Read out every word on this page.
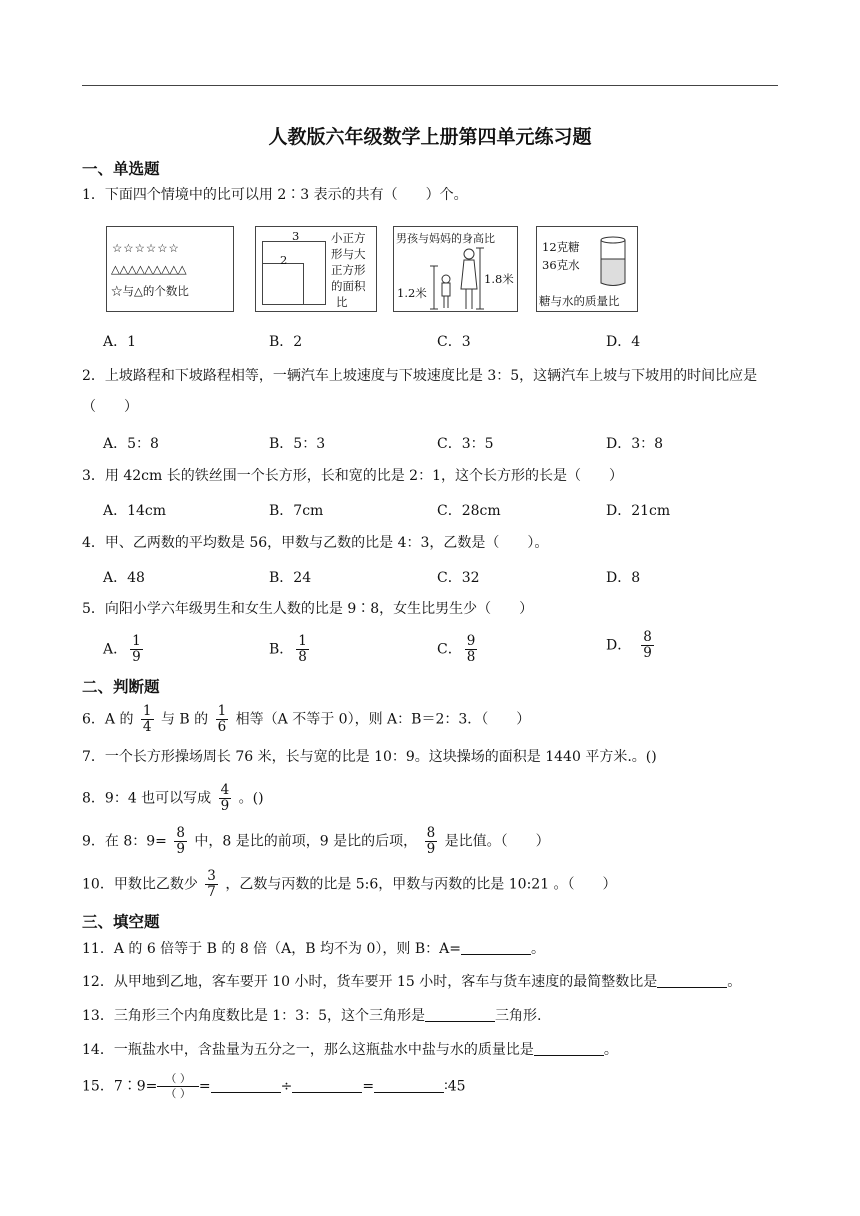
人教版六年级数学上册第四单元练习题
一、单选题
1．下面四个情境中的比可以用 2∶3 表示的共有（　　）个。
☆☆☆☆☆☆
△△△△△△△△△
☆与△的个数比
3
2
小正方
形与大
正方形
的面积
比
男孩与妈妈的身高比
1.2米
1.8米
12克糖
36克水
糖与水的质量比
A．1	B．2	C．3	D．4
2．上坡路程和下坡路程相等，一辆汽车上坡速度与下坡速度比是 3：5，这辆汽车上坡与下坡用的时间比应是（　　）
A．5：8	B．5：3	C．3：5	D．3：8
3．用 42cm 长的铁丝围一个长方形，长和宽的比是 2：1，这个长方形的长是（　　）
A．14cm	B．7cm	C．28cm	D．21cm
4．甲、乙两数的平均数是 56，甲数与乙数的比是 4：3，乙数是（　　）。
A．48	B．24	C．32	D．8
5．向阳小学六年级男生和女生人数的比是 9∶8，女生比男生少（　　）
A． $\frac{1}{9}$	B． $\frac{1}{8}$	C． $\frac{9}{8}$	D． $\frac{8}{9}$
二、判断题
6．A 的 $\frac{1}{4}$ 与 B 的 $\frac{1}{6}$ 相等（A 不等于 0），则 A：B＝2：3．（　　）
7．一个长方形操场周长 76 米，长与宽的比是 10：9。这块操场的面积是 1440 平方米.。()
8．9：4 也可以写成 $\frac{4}{9}$ 。()
9．在 8：$9= \frac{8}{9}$ 中，8 是比的前项，9 是比的后项， $\frac{8}{9}$ 是比值。（　　）
10．甲数比乙数少 $\frac{3}{7}$ ，乙数与丙数的比是 5:6，甲数与丙数的比是 10:21 。（　　）
三、填空题
11．A 的 6 倍等于 B 的 8 倍（A，B 均不为 0），则 B：A=	。
12．从甲地到乙地，客车要开 10 小时，货车要开 15 小时，客车与货车速度的最简整数比是	。
13．三角形三个内角度数比是 1：3：5，这个三角形是	三角形.
14．一瓶盐水中，含盐量为五分之一，那么这瓶盐水中盐与水的质量比是	。
15．7∶9= $\frac{( )}{( )}$ =	÷	=	∶45
